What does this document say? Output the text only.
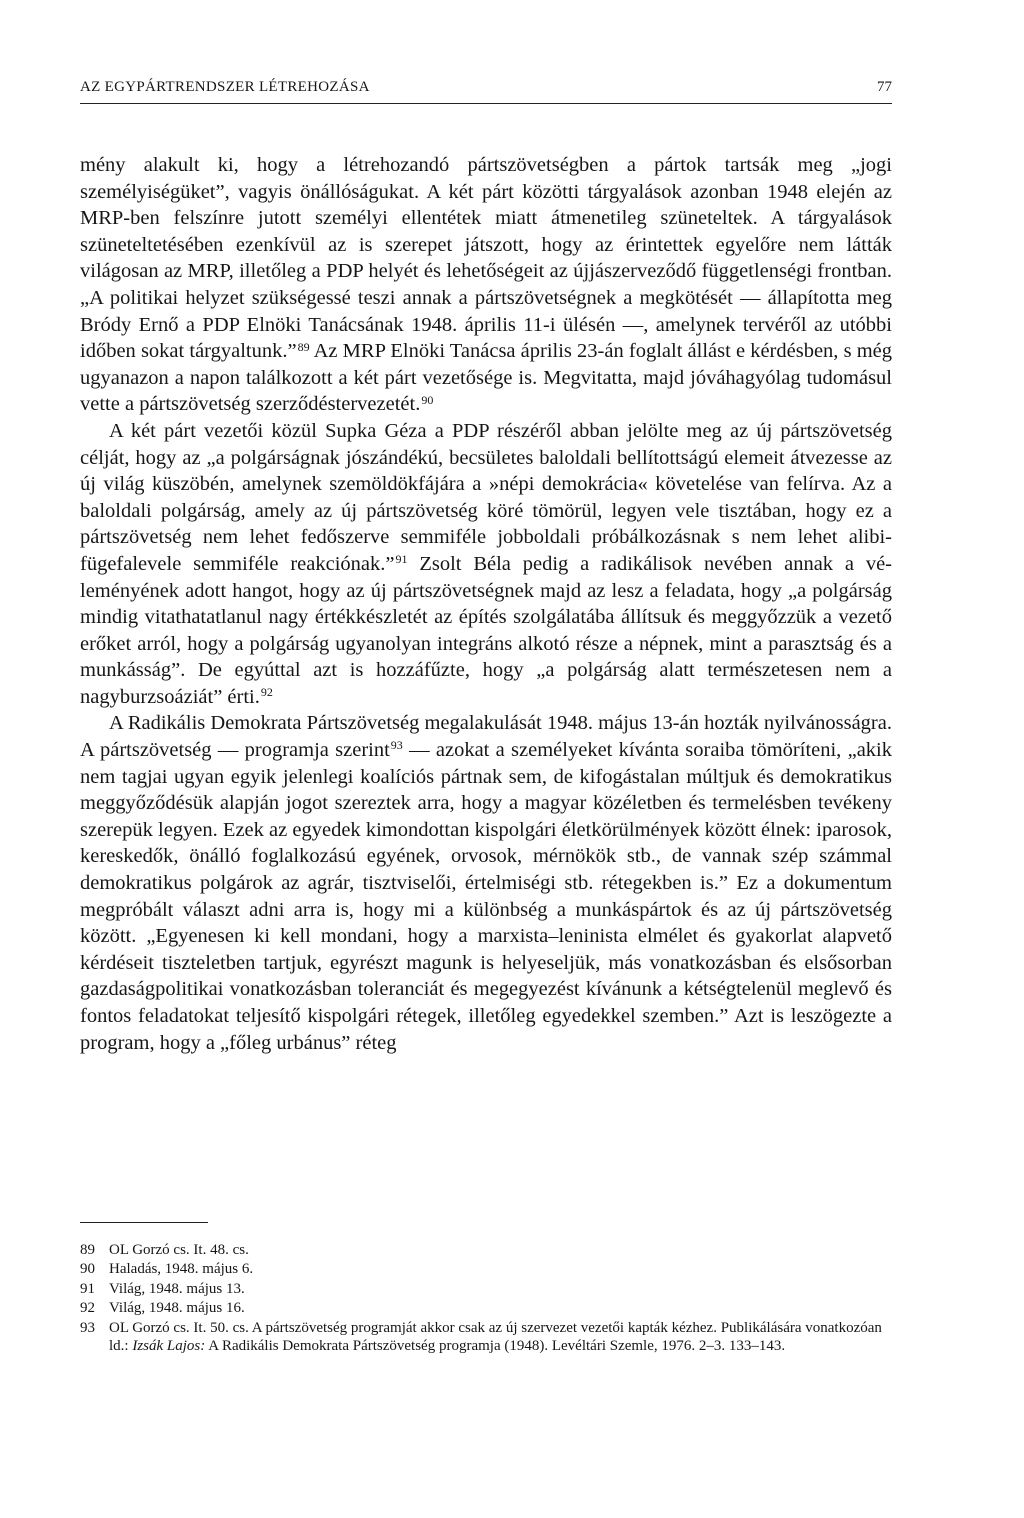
AZ EGYPÁRTRENDSZER LÉTREHOZÁSA	77

mény alakult ki, hogy a létrehozandó pártszövetségben a pártok tartsák meg „jogi személyiségüket”, vagyis önállóságukat. A két párt közötti tárgyalások azonban 1948 elején az MRP-ben felszínre jutott személyi ellentétek miatt átmenetileg szüneteltek. A tárgyalások szüneteltetésében ezenkívül az is szerepet játszott, hogy az érintettek egyelőre nem látták világosan az MRP, illetőleg a PDP helyét és lehetőségeit az újjászerveződő függetlenségi frontban. „A politikai helyzet szükségessé teszi annak a pártszövetségnek a megkötését — állapította meg Bródy Ernő a PDP Elnöki Tanácsának 1948. április 11-i ülésén —, amelynek tervéről az utóbbi időben sokat tárgyaltunk.”$^{89}$ Az MRP Elnöki Tanácsa április 23-án foglalt állást e kérdésben, s még ugyanazon a napon találkozott a két párt vezetősége is. Megvitatta, majd jóváhagyólag tudomásul vette a pártszövetség szerződéstervezetét.$^{90}$

A két párt vezetői közül Supka Géza a PDP részéről abban jelölte meg az új pártszövetség célját, hogy az „a polgárságnak jószándékú, becsületes baloldali bellítottságú elemeit átvezesse az új világ küszöbén, amelynek szemöldökfájára a »népi demokrácia« követelése van felírva. Az a baloldali polgárság, amely az új pártszövetség köré tömörül, legyen vele tisztában, hogy ez a pártszövetség nem lehet fedőszerve semmiféle jobboldali próbálkozásnak s nem lehet alibi-fügefalevele semmiféle reakciónak.”$^{91}$ Zsolt Béla pedig a radikálisok nevében annak a véleményének adott hangot, hogy az új pártszövetségnek majd az lesz a feladata, hogy „a polgárság mindig vitathatatlanul nagy értékkészletét az építés szolgálatába állítsuk és meggyőzzük a vezető erőket arról, hogy a polgárság ugyanolyan integráns alkotó része a népnek, mint a parasztság és a munkásság”. De egyúttal azt is hozzáfűzte, hogy „a polgárság alatt természetesen nem a nagyburzsoáziát” érti.$^{92}$

A Radikális Demokrata Pártszövetség megalakulását 1948. május 13-án hozták nyilvánosságra. A pártszövetség — programja szerint$^{93}$ — azokat a személyeket kívánta soraiba tömöríteni, „akik nem tagjai ugyan egyik jelenlegi koalíciós pártnak sem, de kifogástalan múltjuk és demokratikus meggyőződésük alapján jogot szereztek arra, hogy a magyar közéletben és termelésben tevékeny szerepük legyen. Ezek az egyedek kimondottan kispolgári életkörülmények között élnek: iparosok, kereskedők, önálló foglalkozású egyének, orvosok, mérnökök stb., de vannak szép számmal demokratikus polgárok az agrár, tisztviselői, értelmiségi stb. rétegekben is.” Ez a dokumentum megpróbált választ adni arra is, hogy mi a különbség a munkáspártok és az új pártszövetség között. „Egyenesen ki kell mondani, hogy a marxista–leninista elmélet és gyakorlat alapvető kérdéseit tiszteletben tartjuk, egyrészt magunk is helyeseljük, más vonatkozásban és elsősorban gazdaságpolitikai vonatkozásban toleranciát és megegyezést kívánunk a kétségtelenül meglevő és fontos feladatokat teljesítő kispolgári rétegek, illetőleg egyedekkel szemben.” Azt is leszögezte a program, hogy a „főleg urbánus” réteg

89 OL Gorzó cs. It. 48. cs.
90 Haladás, 1948. május 6.
91 Világ, 1948. május 13.
92 Világ, 1948. május 16.
93 OL Gorzó cs. It. 50. cs. A pártszövetség programját akkor csak az új szervezet vezetői kapták kézhez. Publikálására vonatkozóan ld.: Izsák Lajos: A Radikális Demokrata Pártszövetség programja (1948). Levéltári Szemle, 1976. 2–3. 133–143.
